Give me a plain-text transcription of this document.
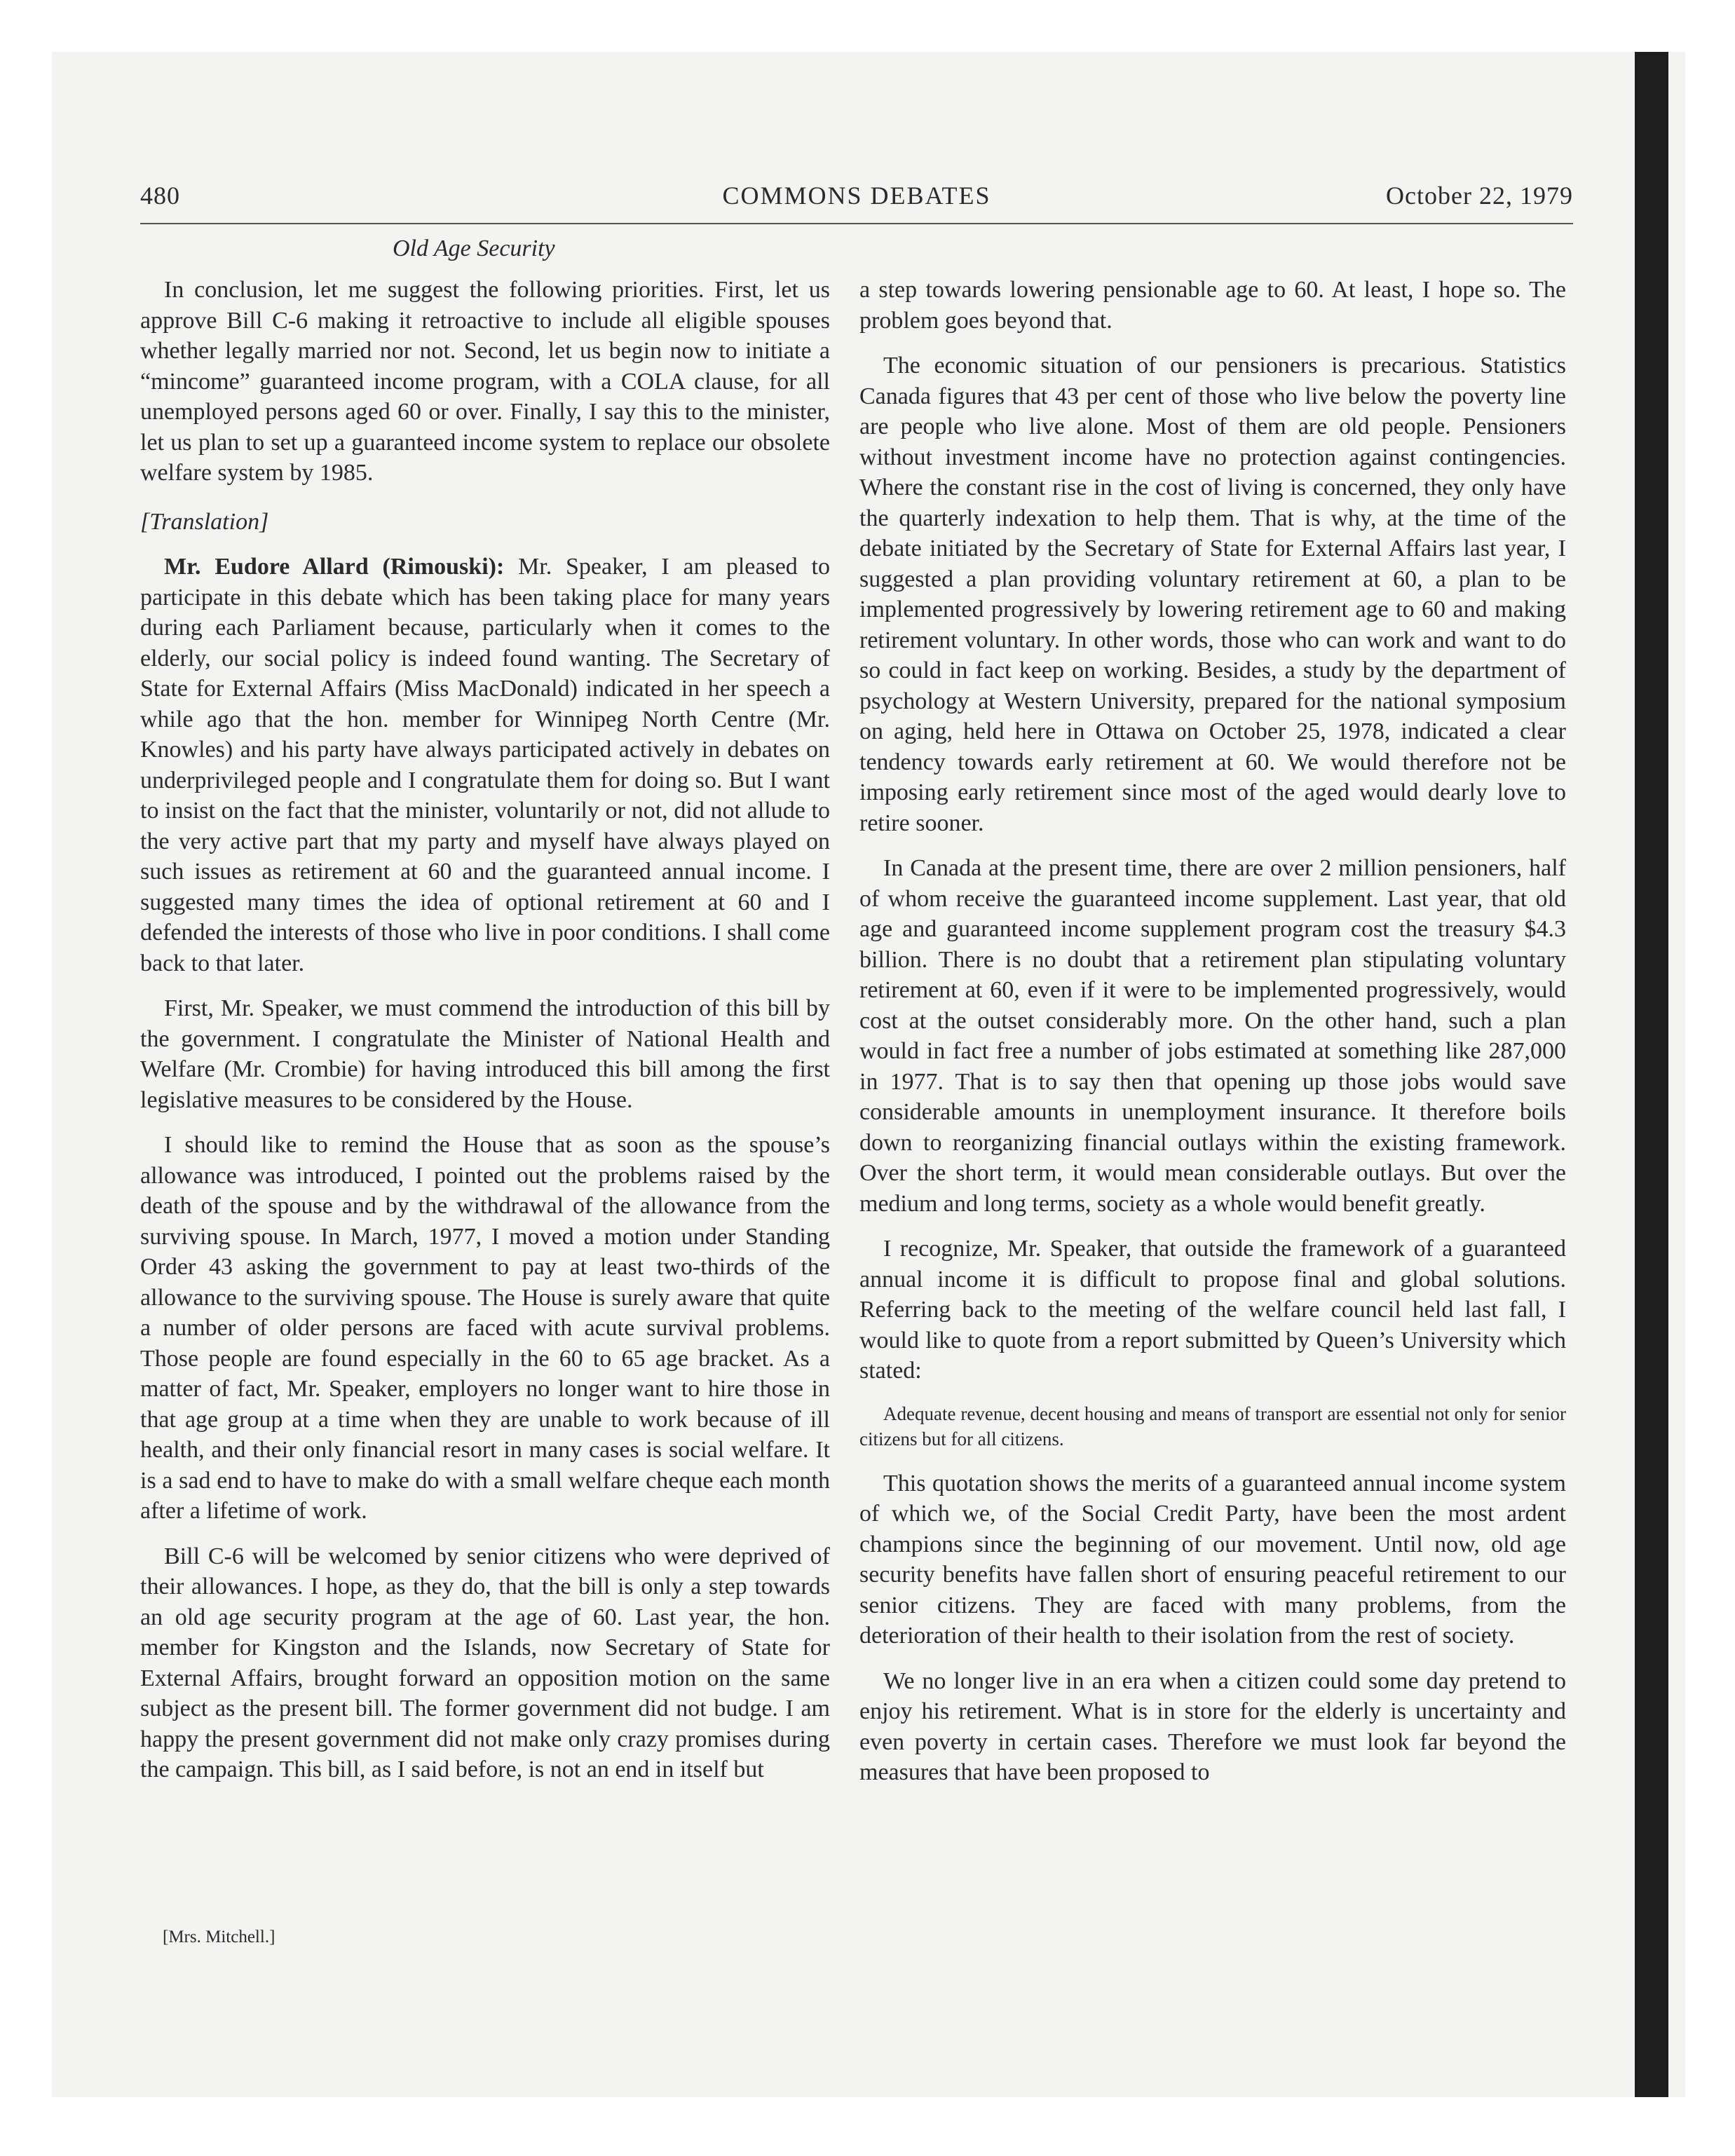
480	COMMONS DEBATES	October 22, 1979
Old Age Security

In conclusion, let me suggest the following priorities. First, let us approve Bill C-6 making it retroactive to include all eligible spouses whether legally married nor not. Second, let us begin now to initiate a “mincome” guaranteed income program, with a COLA clause, for all unemployed persons aged 60 or over. Finally, I say this to the minister, let us plan to set up a guaranteed income system to replace our obsolete welfare system by 1985.

[Translation]

Mr. Eudore Allard (Rimouski): Mr. Speaker, I am pleased to participate in this debate which has been taking place for many years during each Parliament because, particularly when it comes to the elderly, our social policy is indeed found wanting. The Secretary of State for External Affairs (Miss MacDonald) indicated in her speech a while ago that the hon. member for Winnipeg North Centre (Mr. Knowles) and his party have always participated actively in debates on underprivileged people and I congratulate them for doing so. But I want to insist on the fact that the minister, voluntarily or not, did not allude to the very active part that my party and myself have always played on such issues as retirement at 60 and the guaranteed annual income. I suggested many times the idea of optional retirement at 60 and I defended the interests of those who live in poor conditions. I shall come back to that later.

First, Mr. Speaker, we must commend the introduction of this bill by the government. I congratulate the Minister of National Health and Welfare (Mr. Crombie) for having introduced this bill among the first legislative measures to be considered by the House.

I should like to remind the House that as soon as the spouse’s allowance was introduced, I pointed out the problems raised by the death of the spouse and by the withdrawal of the allowance from the surviving spouse. In March, 1977, I moved a motion under Standing Order 43 asking the government to pay at least two-thirds of the allowance to the surviving spouse. The House is surely aware that quite a number of older persons are faced with acute survival problems. Those people are found especially in the 60 to 65 age bracket. As a matter of fact, Mr. Speaker, employers no longer want to hire those in that age group at a time when they are unable to work because of ill health, and their only financial resort in many cases is social welfare. It is a sad end to have to make do with a small welfare cheque each month after a lifetime of work.

Bill C-6 will be welcomed by senior citizens who were deprived of their allowances. I hope, as they do, that the bill is only a step towards an old age security program at the age of 60. Last year, the hon. member for Kingston and the Islands, now Secretary of State for External Affairs, brought forward an opposition motion on the same subject as the present bill. The former government did not budge. I am happy the present government did not make only crazy promises during the campaign. This bill, as I said before, is not an end in itself but

a step towards lowering pensionable age to 60. At least, I hope so. The problem goes beyond that.

The economic situation of our pensioners is precarious. Statistics Canada figures that 43 per cent of those who live below the poverty line are people who live alone. Most of them are old people. Pensioners without investment income have no protection against contingencies. Where the constant rise in the cost of living is concerned, they only have the quarterly indexation to help them. That is why, at the time of the debate initiated by the Secretary of State for External Affairs last year, I suggested a plan providing voluntary retirement at 60, a plan to be implemented progressively by lowering retirement age to 60 and making retirement voluntary. In other words, those who can work and want to do so could in fact keep on working. Besides, a study by the department of psychology at Western University, prepared for the national symposium on aging, held here in Ottawa on October 25, 1978, indicated a clear tendency towards early retirement at 60. We would therefore not be imposing early retirement since most of the aged would dearly love to retire sooner.

In Canada at the present time, there are over 2 million pensioners, half of whom receive the guaranteed income supplement. Last year, that old age and guaranteed income supplement program cost the treasury $4.3 billion. There is no doubt that a retirement plan stipulating voluntary retirement at 60, even if it were to be implemented progressively, would cost at the outset considerably more. On the other hand, such a plan would in fact free a number of jobs estimated at something like 287,000 in 1977. That is to say then that opening up those jobs would save considerable amounts in unemployment insurance. It therefore boils down to reorganizing financial outlays within the existing framework. Over the short term, it would mean considerable outlays. But over the medium and long terms, society as a whole would benefit greatly.

I recognize, Mr. Speaker, that outside the framework of a guaranteed annual income it is difficult to propose final and global solutions. Referring back to the meeting of the welfare council held last fall, I would like to quote from a report submitted by Queen’s University which stated:

Adequate revenue, decent housing and means of transport are essential not only for senior citizens but for all citizens.

This quotation shows the merits of a guaranteed annual income system of which we, of the Social Credit Party, have been the most ardent champions since the beginning of our movement. Until now, old age security benefits have fallen short of ensuring peaceful retirement to our senior citizens. They are faced with many problems, from the deterioration of their health to their isolation from the rest of society.

We no longer live in an era when a citizen could some day pretend to enjoy his retirement. What is in store for the elderly is uncertainty and even poverty in certain cases. Therefore we must look far beyond the measures that have been proposed to

[Mrs. Mitchell.]
